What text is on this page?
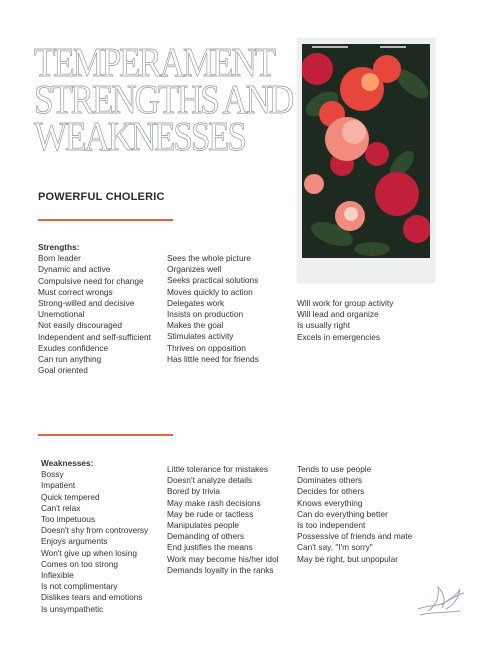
TEMPERAMENT
STRENGTHS AND
WEAKNESSES
POWERFUL CHOLERIC
Strengths:
Born leader
Dynamic and active
Compulsive need for change
Must correct wrongs
Strong-willed and decisive
Unemotional
Not easily discouraged
Independent and self-sufficient
Exudes confidence
Can run anything
Goal oriented
Sees the whole picture
Organizes well
Seeks practical solutions
Moves quickly to action
Delegates work
Insists on production
Makes the goal
Stimulates activity
Thrives on opposition
Has little need for friends
Will work for group activity
Will lead and organize
Is usually right
Excels in emergencies
Weaknesses:
Bossy
Impatient
Quick tempered
Can't relax
Too impetuous
Doesn't shy from controversy
Enjoys arguments
Won't give up when losing
Comes on too strong
Inflexible
Is not complimentary
Dislikes tears and emotions
Is unsympathetic
Little tolerance for mistakes
Doesn't analyze details
Bored by trivia
May make rash decisions
May be rude or tactless
Manipulates people
Demanding of others
End justifies the means
Work may become his/her idol
Demands loyalty in the ranks
Tends to use people
Dominates others
Decides for others
Knows everything
Can do everything better
Is too independent
Possessive of friends and mate
Can't say, "I'm sorry"
May be right, but unpopular
